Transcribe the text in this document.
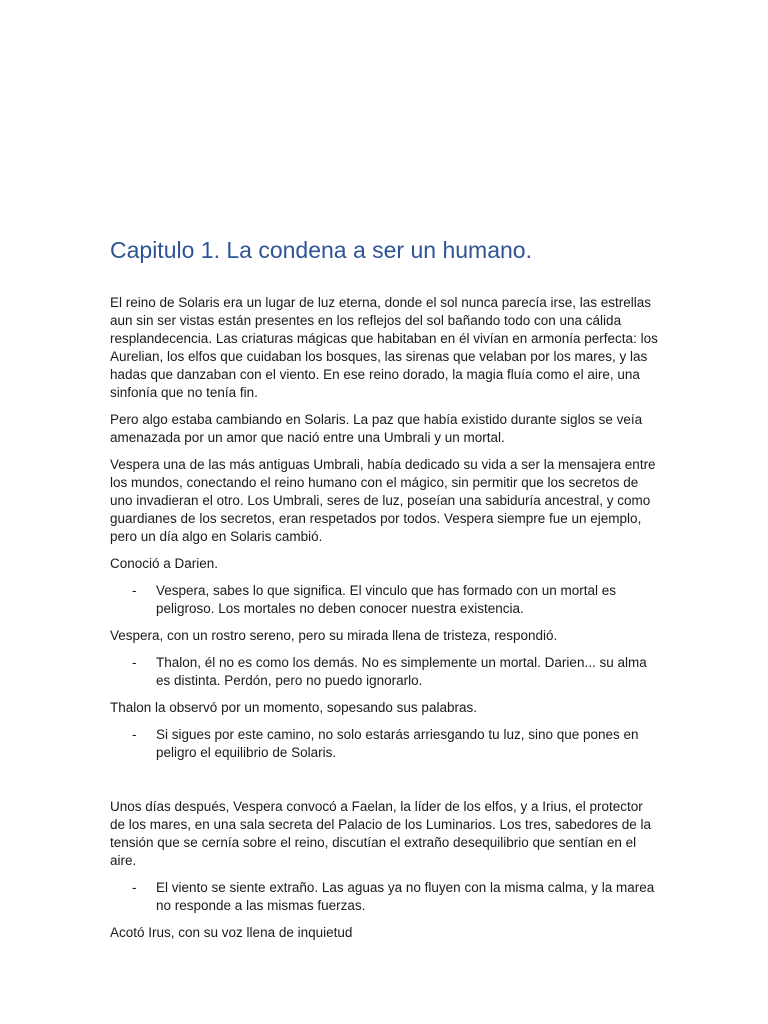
Capitulo 1. La condena a ser un humano.

El reino de Solaris era un lugar de luz eterna, donde el sol nunca parecía irse, las estrellas aun sin ser vistas están presentes en los reflejos del sol bañando todo con una cálida resplandecencia. Las criaturas mágicas que habitaban en él vivían en armonía perfecta: los Aurelian, los elfos que cuidaban los bosques, las sirenas que velaban por los mares, y las hadas que danzaban con el viento. En ese reino dorado, la magia fluía como el aire, una sinfonía que no tenía fin.

Pero algo estaba cambiando en Solaris. La paz que había existido durante siglos se veía amenazada por un amor que nació entre una Umbrali y un mortal.

Vespera una de las más antiguas Umbrali, había dedicado su vida a ser la mensajera entre los mundos, conectando el reino humano con el mágico, sin permitir que los secretos de uno invadieran el otro. Los Umbrali, seres de luz, poseían una sabiduría ancestral, y como guardianes de los secretos, eran respetados por todos. Vespera siempre fue un ejemplo, pero un día algo en Solaris cambió.

Conoció a Darien.

- Vespera, sabes lo que significa. El vinculo que has formado con un mortal es peligroso. Los mortales no deben conocer nuestra existencia.

Vespera, con un rostro sereno, pero su mirada llena de tristeza, respondió.

- Thalon, él no es como los demás. No es simplemente un mortal. Darien... su alma es distinta. Perdón, pero no puedo ignorarlo.

Thalon la observó por un momento, sopesando sus palabras.

- Si sigues por este camino, no solo estarás arriesgando tu luz, sino que pones en peligro el equilibrio de Solaris.

Unos días después, Vespera convocó a Faelan, la líder de los elfos, y a Irius, el protector de los mares, en una sala secreta del Palacio de los Luminarios. Los tres, sabedores de la tensión que se cernía sobre el reino, discutían el extraño desequilibrio que sentían en el aire.

- El viento se siente extraño. Las aguas ya no fluyen con la misma calma, y la marea no responde a las mismas fuerzas.

Acotó Irus, con su voz llena de inquietud
